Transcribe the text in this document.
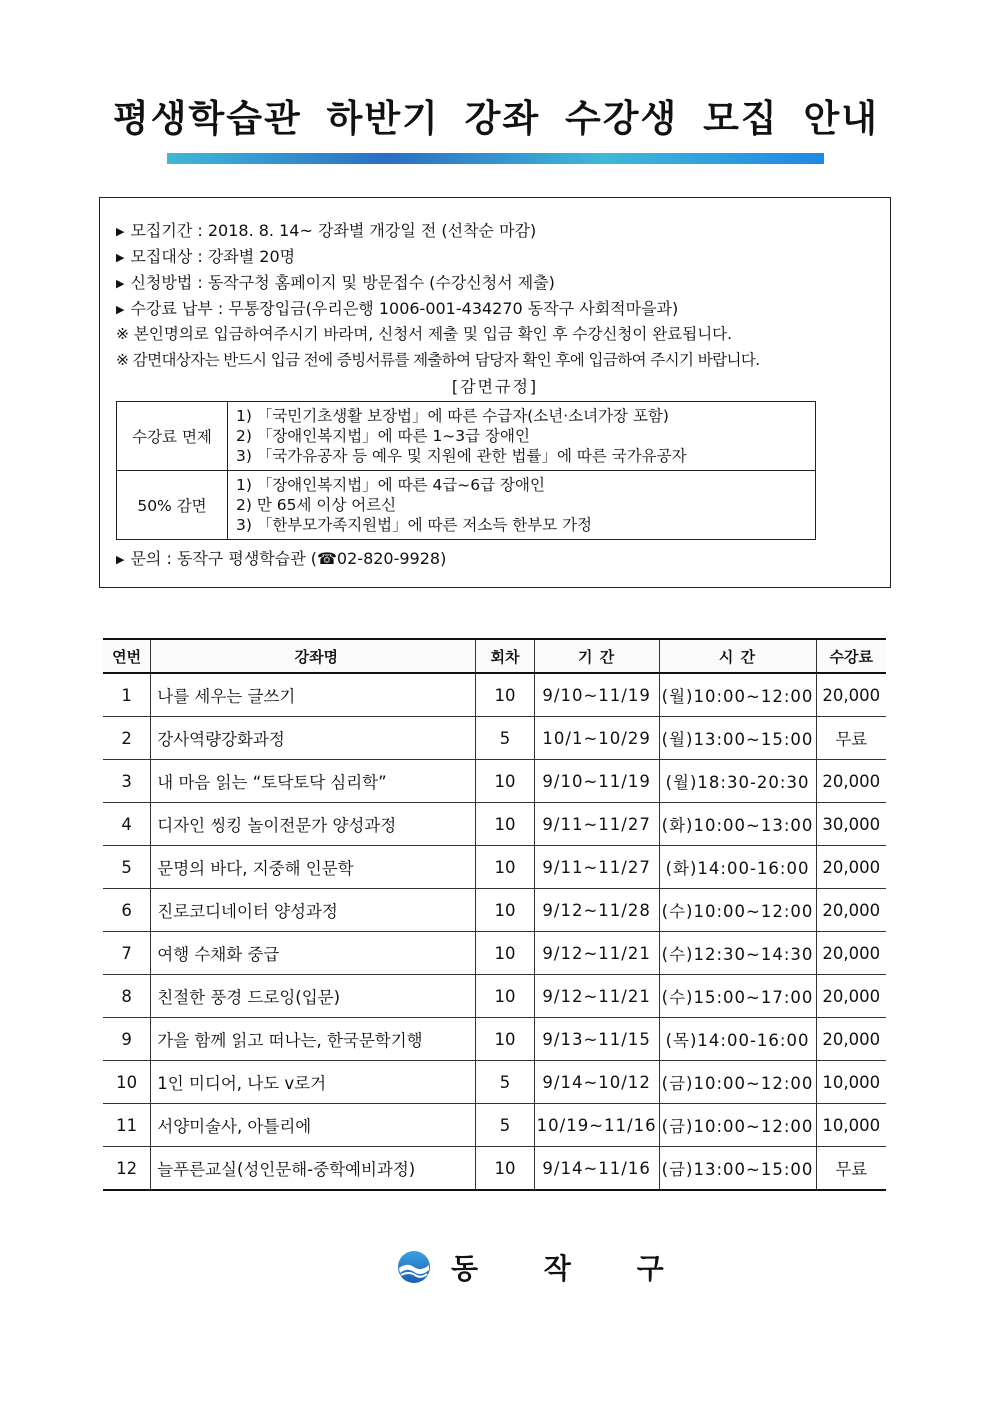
평생학습관 하반기 강좌 수강생 모집 안내
▶ 모집기간 : 2018. 8. 14~ 강좌별 개강일 전 (선착순 마감)
▶ 모집대상 : 강좌별 20명
▶ 신청방법 : 동작구청 홈페이지 및 방문접수 (수강신청서 제출)
▶ 수강료 납부 : 무통장입금(우리은행 1006-001-434270 동작구 사회적마을과)
※ 본인명의로 입금하여주시기 바라며, 신청서 제출 및 입금 확인 후 수강신청이 완료됩니다.
※ 감면대상자는 반드시 입금 전에 증빙서류를 제출하여 담당자 확인 후에 입금하여 주시기 바랍니다.
[감면규정]
수강료 면제	1) 「국민기초생활 보장법」에 따른 수급자(소년·소녀가장 포함)
2) 「장애인복지법」에 따른 1~3급 장애인
3) 「국가유공자 등 예우 및 지원에 관한 법률」에 따른 국가유공자

50% 감면	1) 「장애인복지법」에 따른 4급~6급 장애인
2) 만 65세 이상 어르신
3) 「한부모가족지원법」에 따른 저소득 한부모 가정
▶ 문의 : 동작구 평생학습관 (☎02-820-9928)
연번	강좌명	회차	기 간	시 간	수강료
1	나를 세우는 글쓰기	10	9/10~11/19	(월)10:00~12:00	20,000
2	강사역량강화과정	5	10/1~10/29	(월)13:00~15:00	무료
3	내 마음 읽는 “토닥토닥 심리학”	10	9/10~11/19	(월)18:30-20:30	20,000
4	디자인 씽킹 놀이전문가 양성과정	10	9/11~11/27	(화)10:00~13:00	30,000
5	문명의 바다, 지중해 인문학	10	9/11~11/27	(화)14:00-16:00	20,000
6	진로코디네이터 양성과정	10	9/12~11/28	(수)10:00~12:00	20,000
7	여행 수채화 중급	10	9/12~11/21	(수)12:30~14:30	20,000
8	친절한 풍경 드로잉(입문)	10	9/12~11/21	(수)15:00~17:00	20,000
9	가을 함께 읽고 떠나는, 한국문학기행	10	9/13~11/15	(목)14:00-16:00	20,000
10	1인 미디어, 나도 v로거	5	9/14~10/12	(금)10:00~12:00	10,000
11	서양미술사, 아틀리에	5	10/19~11/16	(금)10:00~12:00	10,000
12	늘푸른교실(성인문해-중학예비과정)	10	9/14~11/16	(금)13:00~15:00	무료
동 작 구
